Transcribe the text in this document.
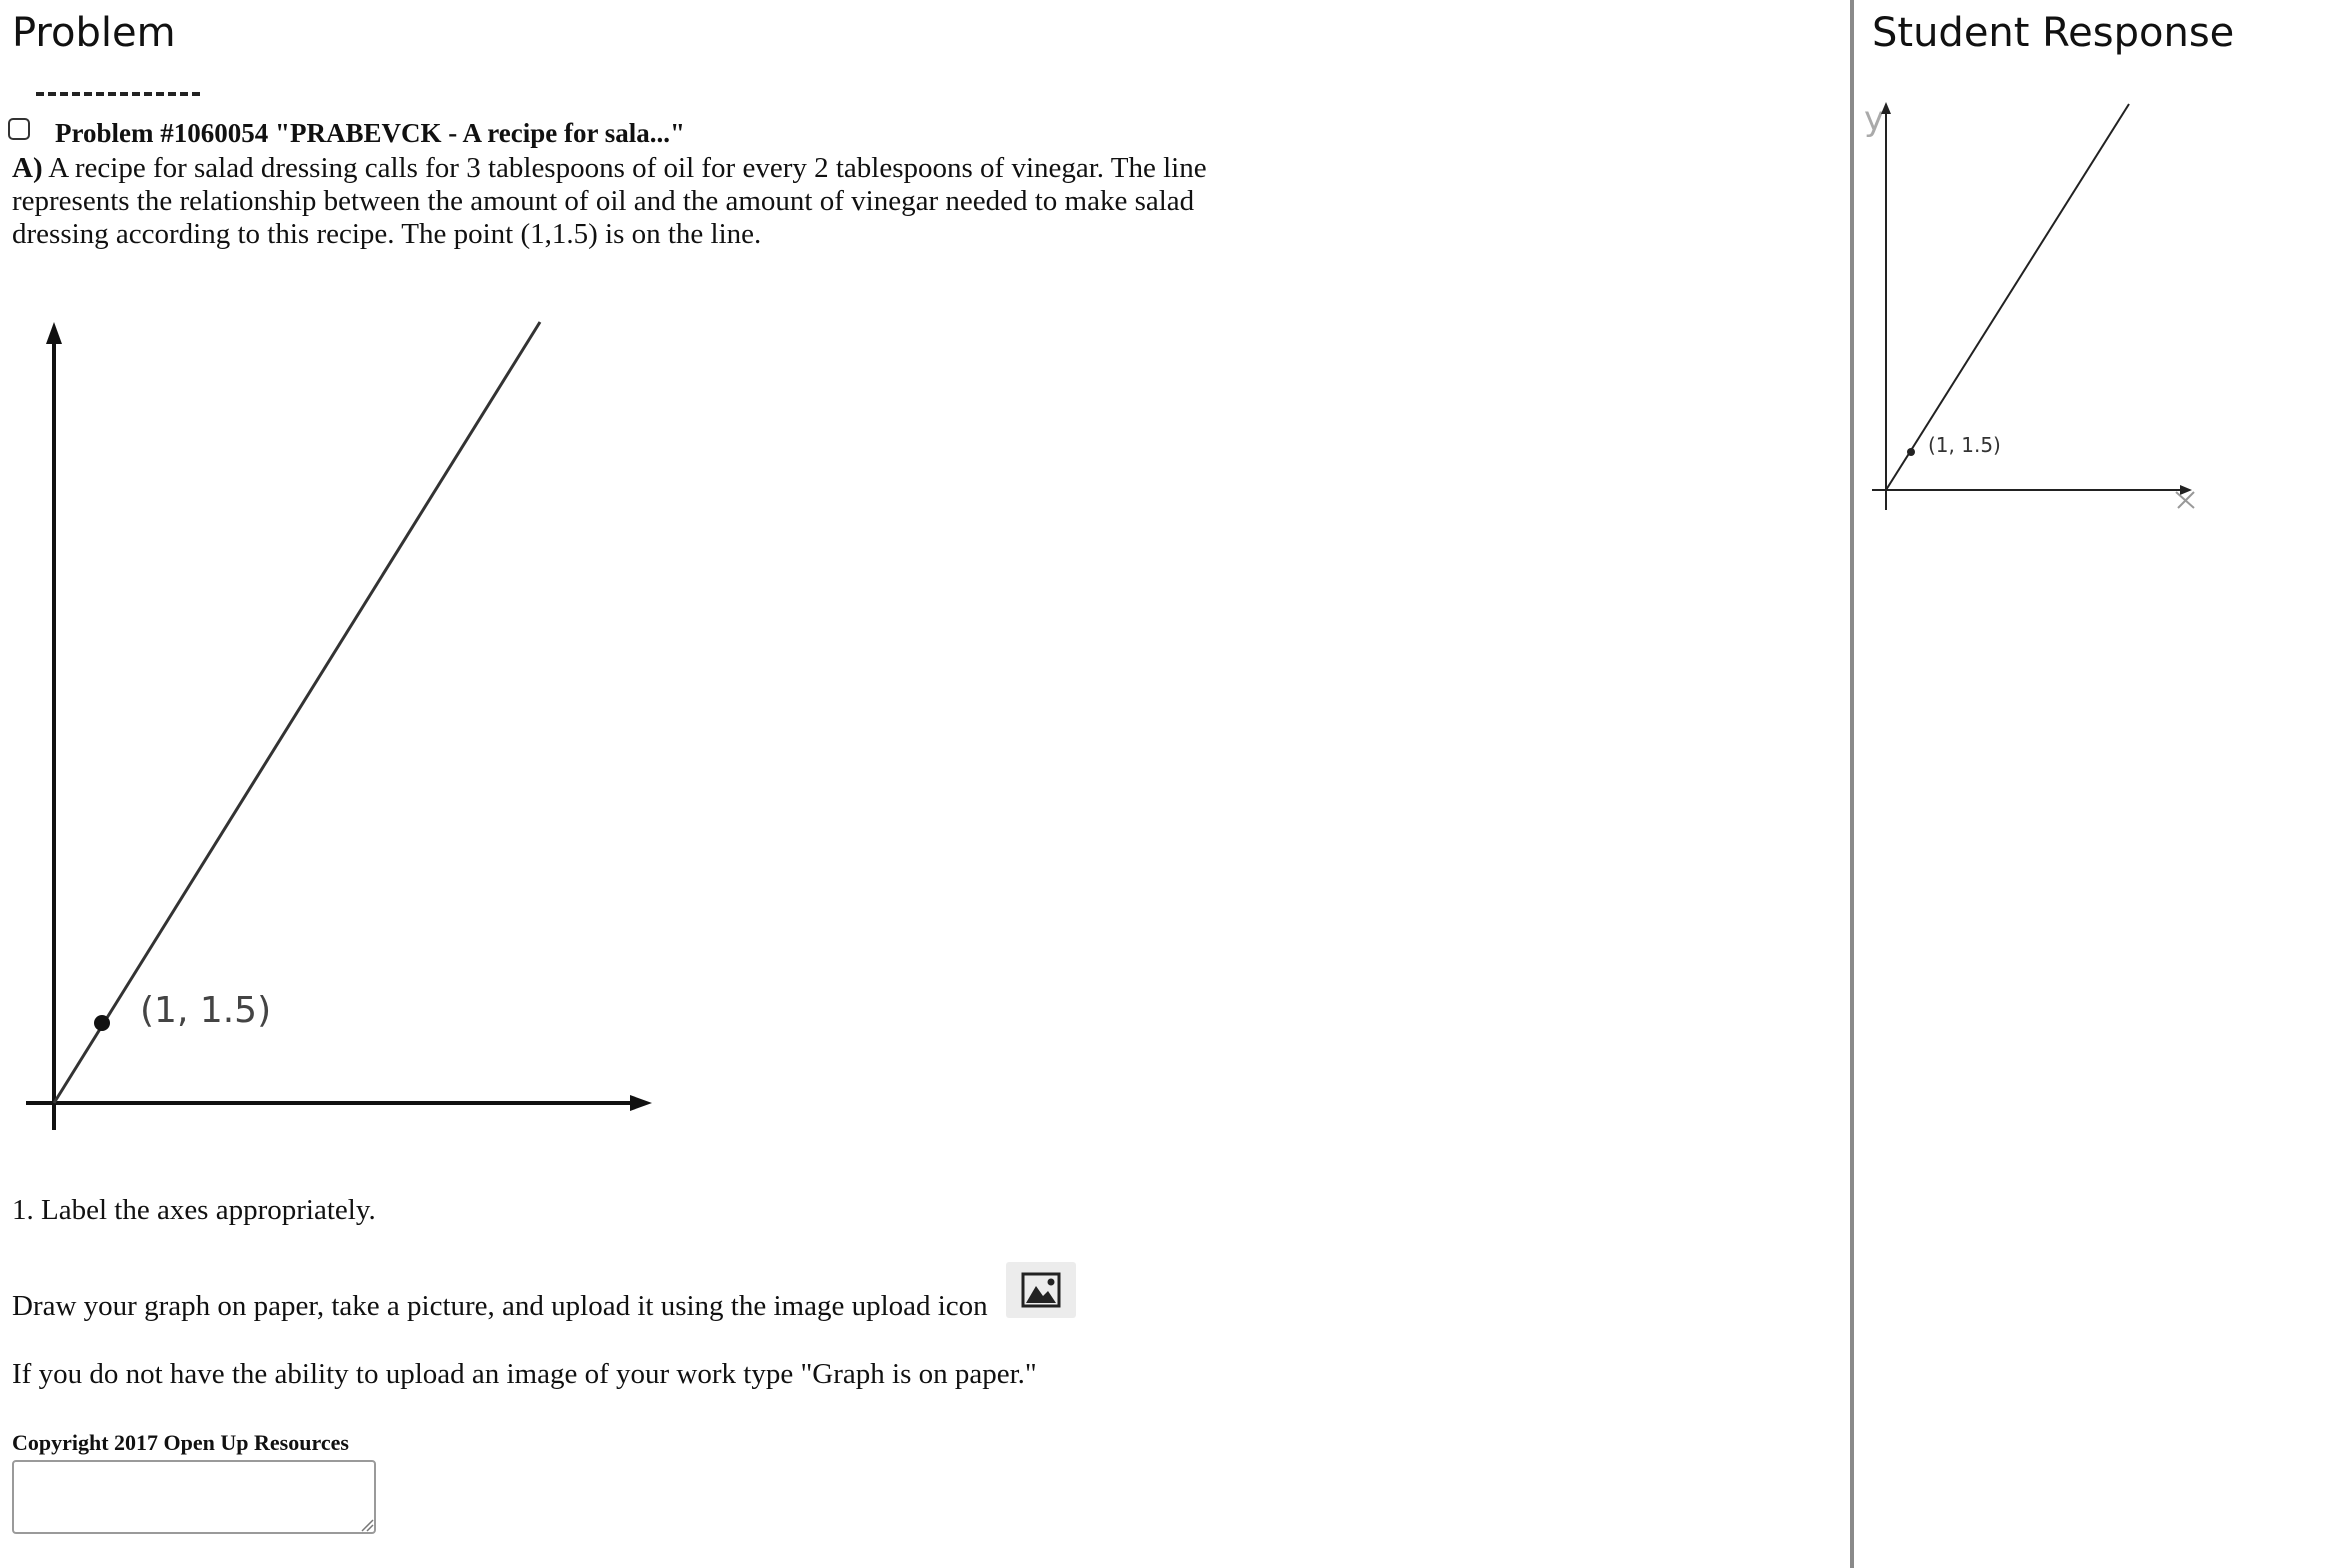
Problem
Problem #1060054 "PRABEVCK - A recipe for sala..."
A) A recipe for salad dressing calls for 3 tablespoons of oil for every 2 tablespoons of vinegar. The line represents the relationship between the amount of oil and the amount of vinegar needed to make salad dressing according to this recipe. The point (1,1.5) is on the line.
(1, 1.5)
1. Label the axes appropriately.
Draw your graph on paper, take a picture, and upload it using the image upload icon
If you do not have the ability to upload an image of your work type "Graph is on paper."
Copyright 2017 Open Up Resources
Student Response
y
(1, 1.5)
